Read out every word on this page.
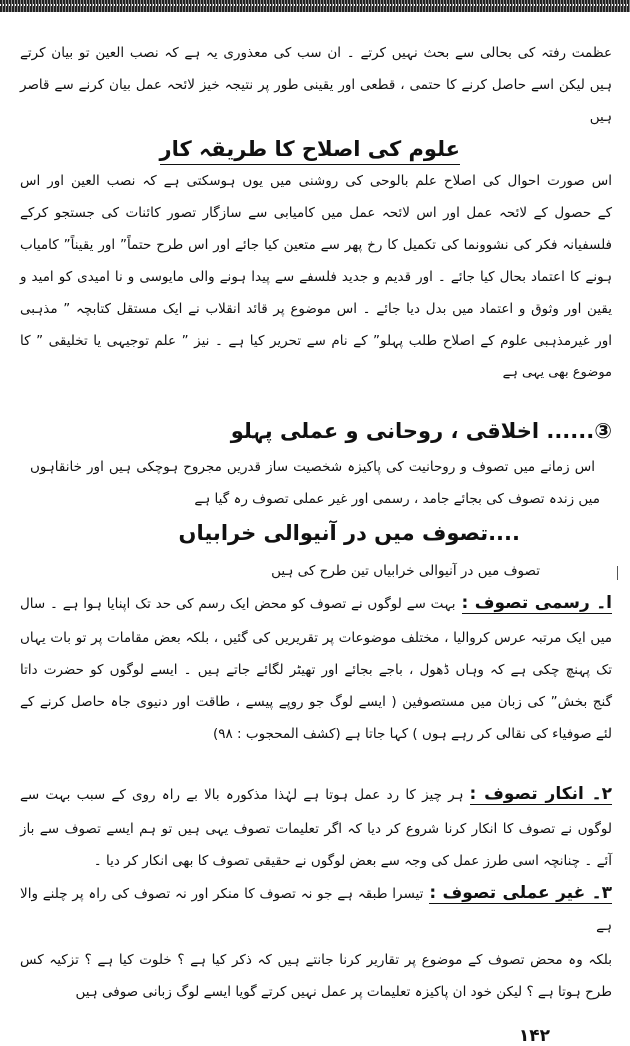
عظمت رفتہ کی بحالی سے بحث نہیں کرتے ۔ ان سب کی معذوری یہ ہے کہ نصب العین تو بیان کرتے
ہیں لیکن اسے حاصل کرنے کا حتمی ، قطعی اور یقینی طور پر نتیجہ خیز لائحہ عمل بیان کرنے سے قاصر ہیں
علوم کی اصلاح کا طریقہ کار
اس صورت احوال کی اصلاح علم بالوحی کی روشنی میں یوں ہوسکتی ہے کہ نصب العین اور اس
کے حصول کے لائحہ عمل اور اس لائحہ عمل میں کامیابی سے سازگار تصور کائنات کی جستجو کرکے
فلسفیانہ فکر کی نشوونما کی تکمیل کا رخ پھر سے متعین کیا جائے اور اس طرح حتماً” اور یقیناً” کامیاب
ہونے کا اعتماد بحال کیا جائے ۔ اور قدیم و جدید فلسفے سے پیدا ہونے والی مایوسی و نا امیدی کو امید و
یقین اور وثوق و اعتماد میں بدل دیا جائے ۔ اس موضوع پر قائد انقلاب نے ایک مستقل کتابچہ ” مذہبی
اور غیرمذہبی علوم کے اصلاح طلب پہلو” کے نام سے تحریر کیا ہے ۔ نیز ” علم توجیہی یا تخلیقی ” کا
موضوع بھی یہی ہے
③...... اخلاقی ، روحانی و عملی پہلو
اس زمانے میں تصوف و روحانیت کی پاکیزہ شخصیت ساز قدریں مجروح ہوچکی ہیں اور خانقاہوں
میں زندہ تصوف کی بجائے جامد ، رسمی اور غیر عملی تصوف رہ گیا ہے
....تصوف میں در آنیوالی خرابیاں
تصوف میں در آنیوالی خرابیاں تین طرح کی ہیں
ا۔ رسمی تصوف :بہت سے لوگوں نے تصوف کو محض ایک رسم کی حد تک اپنایا ہوا ہے ۔ سال
میں ایک مرتبہ عرس کروالیا ، مختلف موضوعات پر تقریریں کی گئیں ، بلکہ بعض مقامات پر تو بات یہاں
تک پہنچ چکی ہے کہ وہاں ڈھول ، باجے بجائے اور تھیٹر لگائے جاتے ہیں ۔ ایسے لوگوں کو حضرت داتا
گنج بخش” کی زبان میں مستصوفین ( ایسے لوگ جو روپے پیسے ، طاقت اور دنیوی جاہ حاصل کرنے کے
لئے صوفیاء کی نقالی کر رہے ہوں ) کہا جاتا ہے (کشف المحجوب : ۹۸)
۲۔ انکار تصوف :ہر چیز کا رد عمل ہوتا ہے لہٰذا مذکورہ بالا بے راہ روی کے سبب بہت سے
لوگوں نے تصوف کا انکار کرنا شروع کر دیا کہ اگر تعلیمات تصوف یہی ہیں تو ہم ایسے تصوف سے باز
آئے ۔ چنانچہ اسی طرز عمل کی وجہ سے بعض لوگوں نے حقیقی تصوف کا بھی انکار کر دیا ۔
۳۔ غیر عملی تصوف :تیسرا طبقہ ہے جو نہ تصوف کا منکر اور نہ تصوف کی راہ پر چلنے والا ہے
بلکہ وہ محض تصوف کے موضوع پر تقاریر کرنا جانتے ہیں کہ ذکر کیا ہے ؟ خلوت کیا ہے ؟ تزکیہ کس
طرح ہوتا ہے ؟ لیکن خود ان پاکیزہ تعلیمات پر عمل نہیں کرتے گویا ایسے لوگ زبانی صوفی ہیں
۱۴۲
